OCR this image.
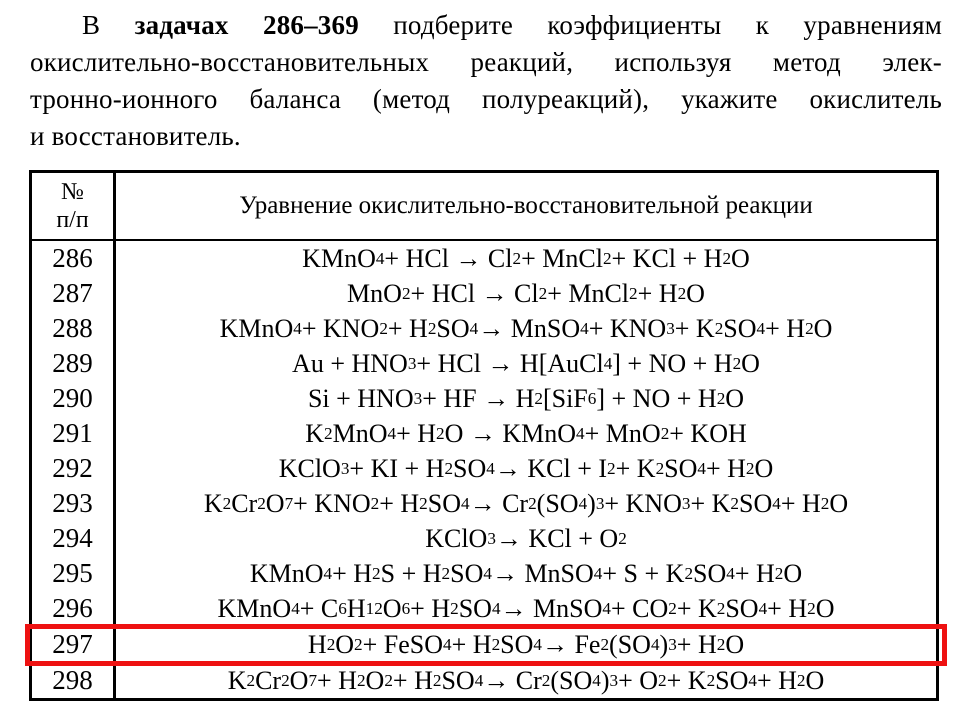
В задачах 286–369 подберите коэффициенты к уравнениям
окислительно-восстановительных реакций, используя метод элек-
тронно-ионного баланса (метод полуреакций), укажите окислитель
и восстановитель.
№
п/п
Уравнение окислительно-восстановительной реакции
286	KMnO 4 + HCl → Cl 2 + MnCl 2 + KCl + H 2 O
287	MnO 2 + HCl → Cl 2 + MnCl 2 + H 2 O
288	KMnO 4 + KNO 2 + H 2 SO 4 → MnSO 4 + KNO 3 + K 2 SO 4 + H 2 O
289	Au + HNO 3 + HCl → H[AuCl 4 ] + NO + H 2 O
290	Si + HNO 3 + HF → H 2 [SiF 6 ] + NO + H 2 O
291	K 2 MnO 4 + H 2 O → KMnO 4 + MnO 2 + KOH
292	KClO 3 + KI + H 2 SO 4 → KCl + I 2 + K 2 SO 4 + H 2 O
293	K 2 Cr 2 O 7 + KNO 2 + H 2 SO 4 → Cr 2 (SO 4 ) 3 + KNO 3 + K 2 SO 4 + H 2 O
294	KClO 3 → KCl + O 2
295	KMnO 4 + H 2 S + H 2 SO 4 → MnSO 4 + S + K 2 SO 4 + H 2 O
296	KMnO 4 + C 6 H 12 O 6 + H 2 SO 4 → MnSO 4 + CO 2 + K 2 SO 4 + H 2 O
297	H 2 O 2 + FeSO 4 + H 2 SO 4 → Fe 2 (SO 4 ) 3 + H 2 O
298	K 2 Cr 2 O 7 + H 2 O 2 + H 2 SO 4 → Cr 2 (SO 4 ) 3 + O 2 + K 2 SO 4 + H 2 O
